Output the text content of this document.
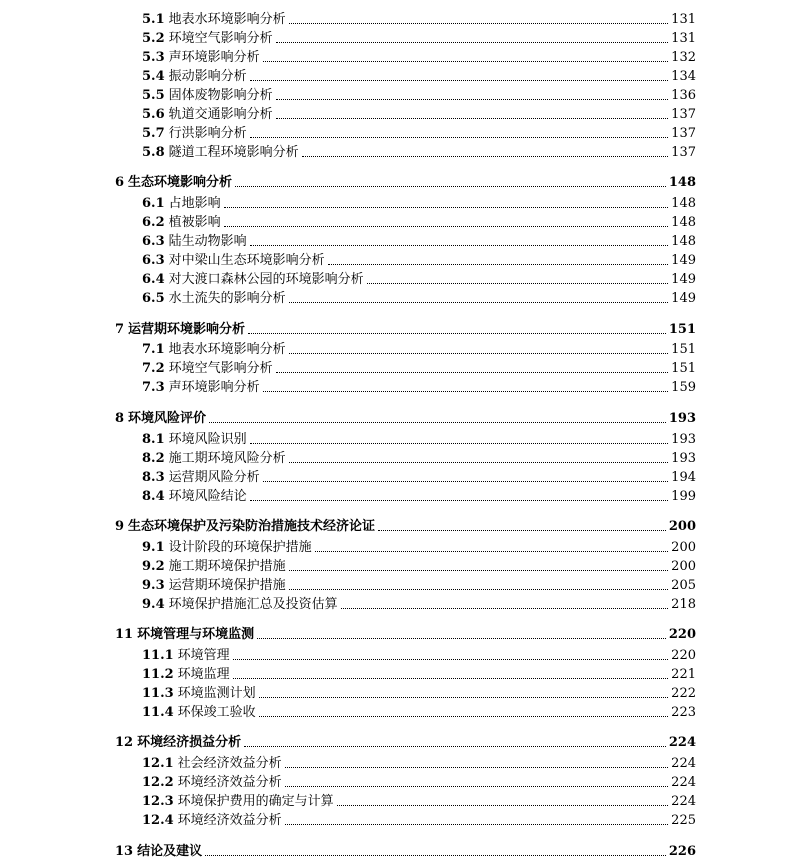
5.1 地表水环境影响分析	131
5.2 环境空气影响分析	131
5.3 声环境影响分析	132
5.4 振动影响分析	134
5.5 固体废物影响分析	136
5.6 轨道交通影响分析	137
5.7 行洪影响分析	137
5.8 隧道工程环境影响分析	137
6 生态环境影响分析	148
6.1 占地影响	148
6.2 植被影响	148
6.3 陆生动物影响	148
6.3 对中梁山生态环境影响分析	149
6.4 对大渡口森林公园的环境影响分析	149
6.5 水土流失的影响分析	149
7 运营期环境影响分析	151
7.1 地表水环境影响分析	151
7.2 环境空气影响分析	151
7.3 声环境影响分析	159
8 环境风险评价	193
8.1 环境风险识别	193
8.2 施工期环境风险分析	193
8.3 运营期风险分析	194
8.4 环境风险结论	199
9 生态环境保护及污染防治措施技术经济论证	200
9.1 设计阶段的环境保护措施	200
9.2 施工期环境保护措施	200
9.3 运营期环境保护措施	205
9.4 环境保护措施汇总及投资估算	218
11 环境管理与环境监测	220
11.1 环境管理	220
11.2 环境监理	221
11.3 环境监测计划	222
11.4 环保竣工验收	223
12 环境经济损益分析	224
12.1 社会经济效益分析	224
12.2 环境经济效益分析	224
12.3 环境保护费用的确定与计算	224
12.4 环境经济效益分析	225
13 结论及建议	226
